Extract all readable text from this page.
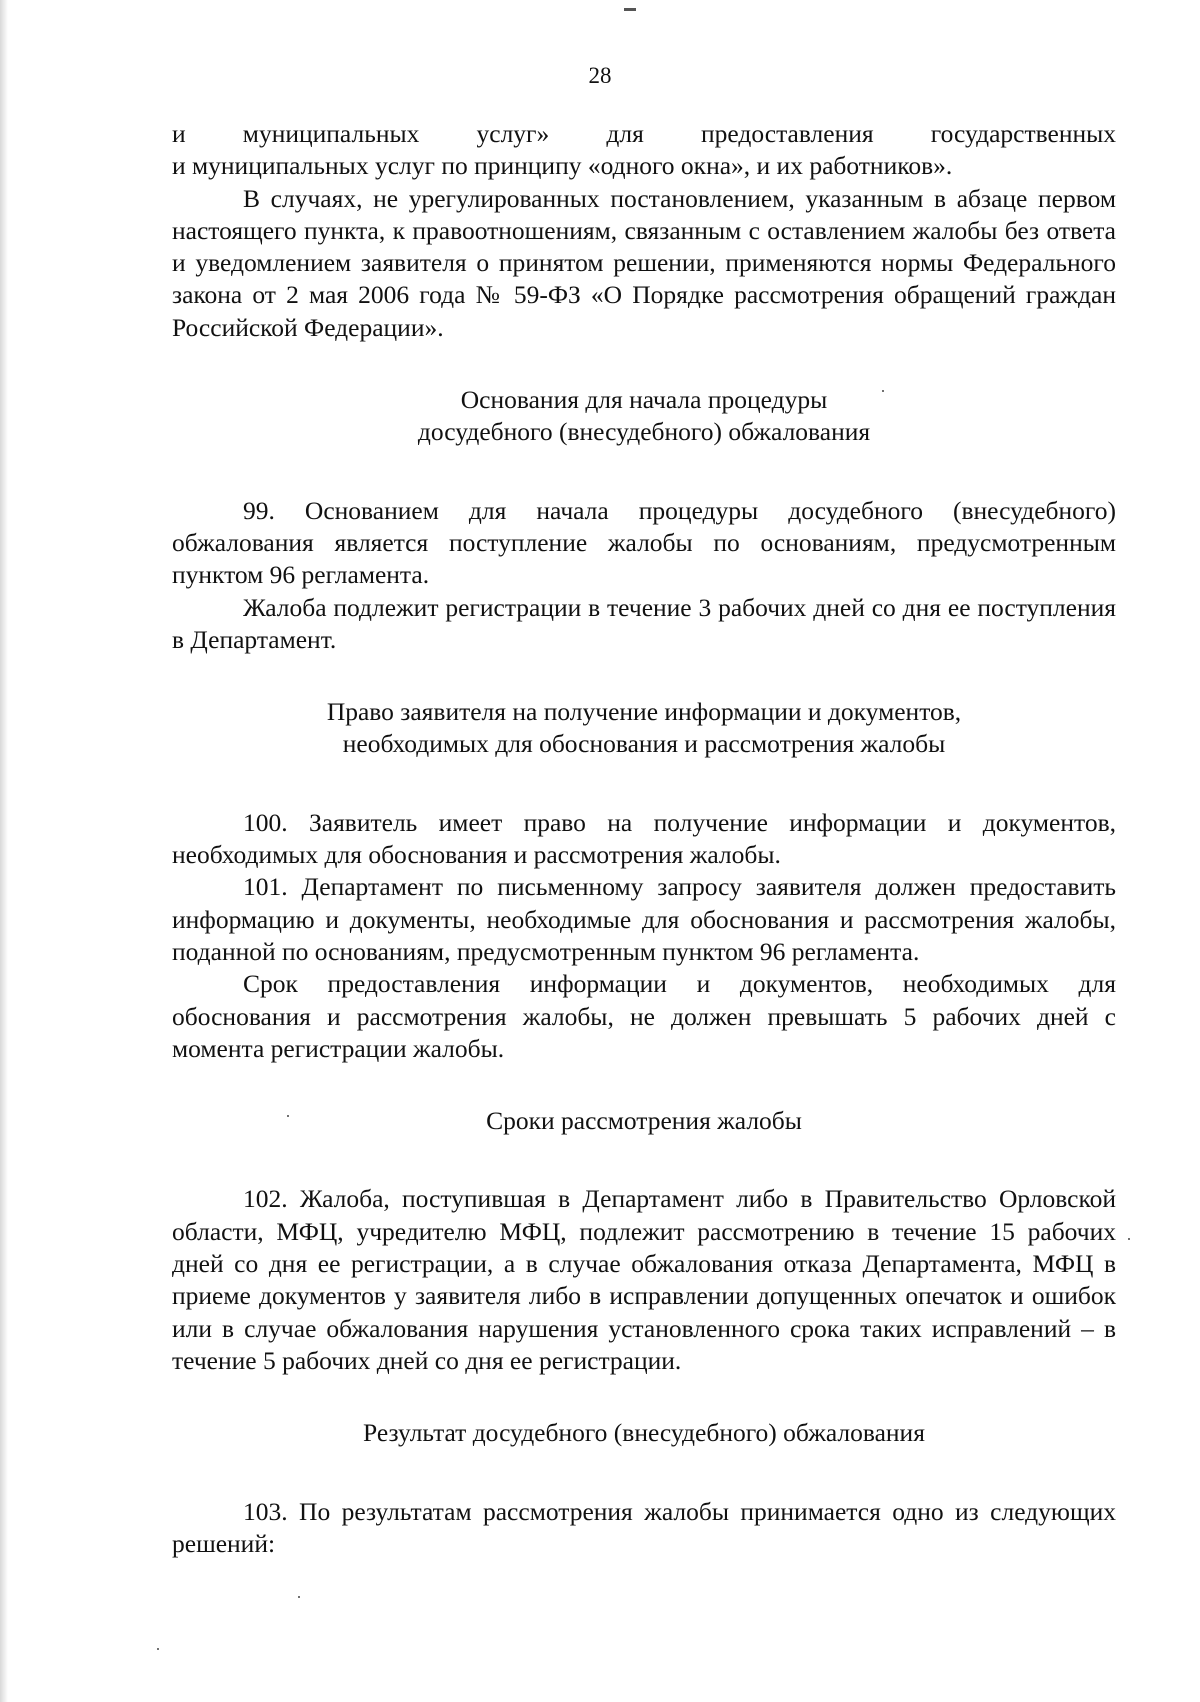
28

и муниципальных услуг» для предоставления государственных

и муниципальных услуг по принципу «одного окна», и их работников».

В случаях, не урегулированных постановлением, указанным в абзаце первом настоящего пункта, к правоотношениям, связанным с оставлением жалобы без ответа и уведомлением заявителя о принятом решении, применяются нормы Федерального закона от 2 мая 2006 года № 59-ФЗ «О Порядке рассмотрения обращений граждан Российской Федерации».

Основания для начала процедуры
досудебного (внесудебного) обжалования

99. Основанием для начала процедуры досудебного (внесудебного) обжалования является поступление жалобы по основаниям, предусмотренным пунктом 96 регламента.

Жалоба подлежит регистрации в течение 3 рабочих дней со дня ее поступления в Департамент.

Право заявителя на получение информации и документов,
необходимых для обоснования и рассмотрения жалобы

100. Заявитель имеет право на получение информации и документов, необходимых для обоснования и рассмотрения жалобы.

101. Департамент по письменному запросу заявителя должен предоставить информацию и документы, необходимые для обоснования и рассмотрения жалобы, поданной по основаниям, предусмотренным пунктом 96 регламента.

Срок предоставления информации и документов, необходимых для обоснования и рассмотрения жалобы, не должен превышать 5 рабочих дней с момента регистрации жалобы.

Сроки рассмотрения жалобы

102. Жалоба, поступившая в Департамент либо в Правительство Орловской области, МФЦ, учредителю МФЦ, подлежит рассмотрению в течение 15 рабочих дней со дня ее регистрации, а в случае обжалования отказа Департамента, МФЦ в приеме документов у заявителя либо в исправлении допущенных опечаток и ошибок или в случае обжалования нарушения установленного срока таких исправлений – в течение 5 рабочих дней со дня ее регистрации.

Результат досудебного (внесудебного) обжалования

103. По результатам рассмотрения жалобы принимается одно из следующих решений:
